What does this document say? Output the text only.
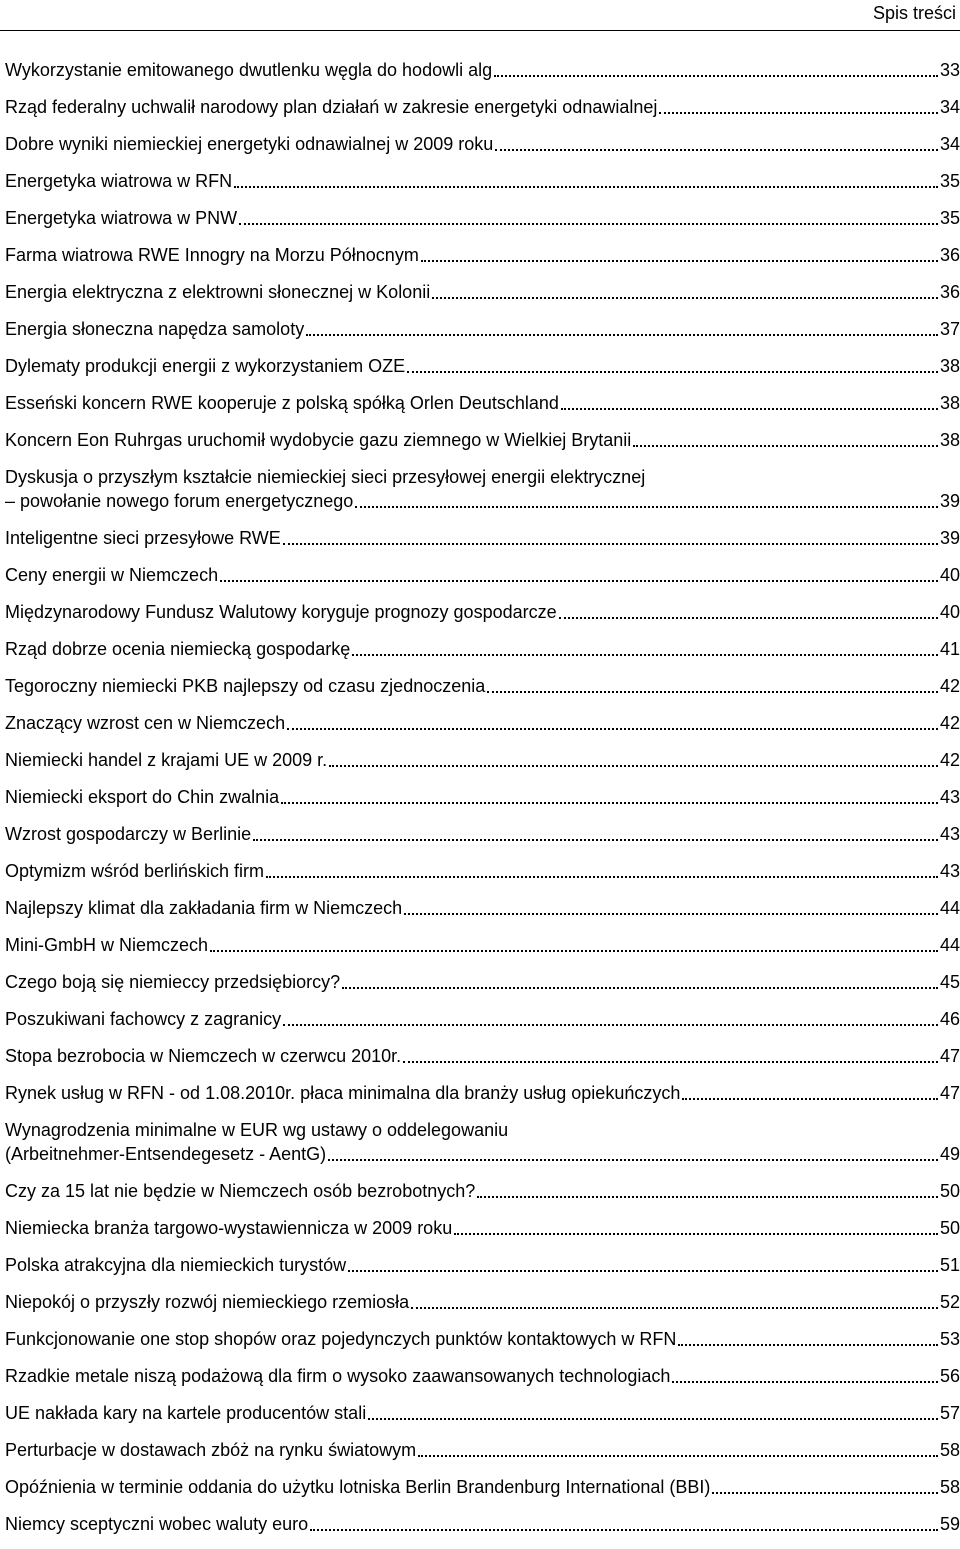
Spis treści
Wykorzystanie emitowanego dwutlenku węgla do hodowli alg	33
Rząd federalny uchwalił narodowy plan działań w zakresie energetyki odnawialnej	34
Dobre wyniki niemieckiej energetyki odnawialnej w 2009 roku	34
Energetyka wiatrowa w RFN	35
Energetyka wiatrowa w PNW	35
Farma wiatrowa RWE Innogry na Morzu Północnym	36
Energia elektryczna z elektrowni słonecznej w Kolonii	36
Energia słoneczna napędza samoloty	37
Dylematy produkcji energii z wykorzystaniem OZE	38
Esseński koncern RWE kooperuje z polską spółką Orlen Deutschland	38
Koncern Eon Ruhrgas uruchomił wydobycie gazu ziemnego w Wielkiej Brytanii	38
Dyskusja o przyszłym kształcie niemieckiej sieci przesyłowej energii elektrycznej
– powołanie nowego forum energetycznego	39
Inteligentne sieci przesyłowe RWE	39
Ceny energii w Niemczech	40
Międzynarodowy Fundusz Walutowy koryguje prognozy gospodarcze	40
Rząd dobrze ocenia niemiecką gospodarkę	41
Tegoroczny niemiecki PKB najlepszy od czasu zjednoczenia	42
Znaczący wzrost cen w Niemczech	42
Niemiecki handel z krajami UE w 2009 r.	42
Niemiecki eksport do Chin zwalnia	43
Wzrost gospodarczy w Berlinie	43
Optymizm wśród berlińskich firm	43
Najlepszy klimat dla zakładania firm w Niemczech	44
Mini-GmbH w Niemczech	44
Czego boją się niemieccy przedsiębiorcy?	45
Poszukiwani fachowcy z zagranicy	46
Stopa bezrobocia w Niemczech w czerwcu 2010r.	47
Rynek usług w RFN - od 1.08.2010r. płaca minimalna dla branży usług opiekuńczych	47
Wynagrodzenia minimalne w EUR wg ustawy o oddelegowaniu
(Arbeitnehmer-Entsendegesetz - AentG)	49
Czy za 15 lat nie będzie w Niemczech osób bezrobotnych?	50
Niemiecka branża targowo-wystawiennicza w 2009 roku	50
Polska atrakcyjna dla niemieckich turystów	51
Niepokój o przyszły rozwój niemieckiego rzemiosła	52
Funkcjonowanie one stop shopów oraz pojedynczych punktów kontaktowych w RFN	53
Rzadkie metale niszą podażową dla firm o wysoko zaawansowanych technologiach	56
UE nakłada kary na kartele producentów stali	57
Perturbacje w dostawach zbóż na rynku światowym	58
Opóźnienia w terminie oddania do użytku lotniska Berlin Brandenburg International (BBI)	58
Niemcy sceptyczni wobec waluty euro	59
